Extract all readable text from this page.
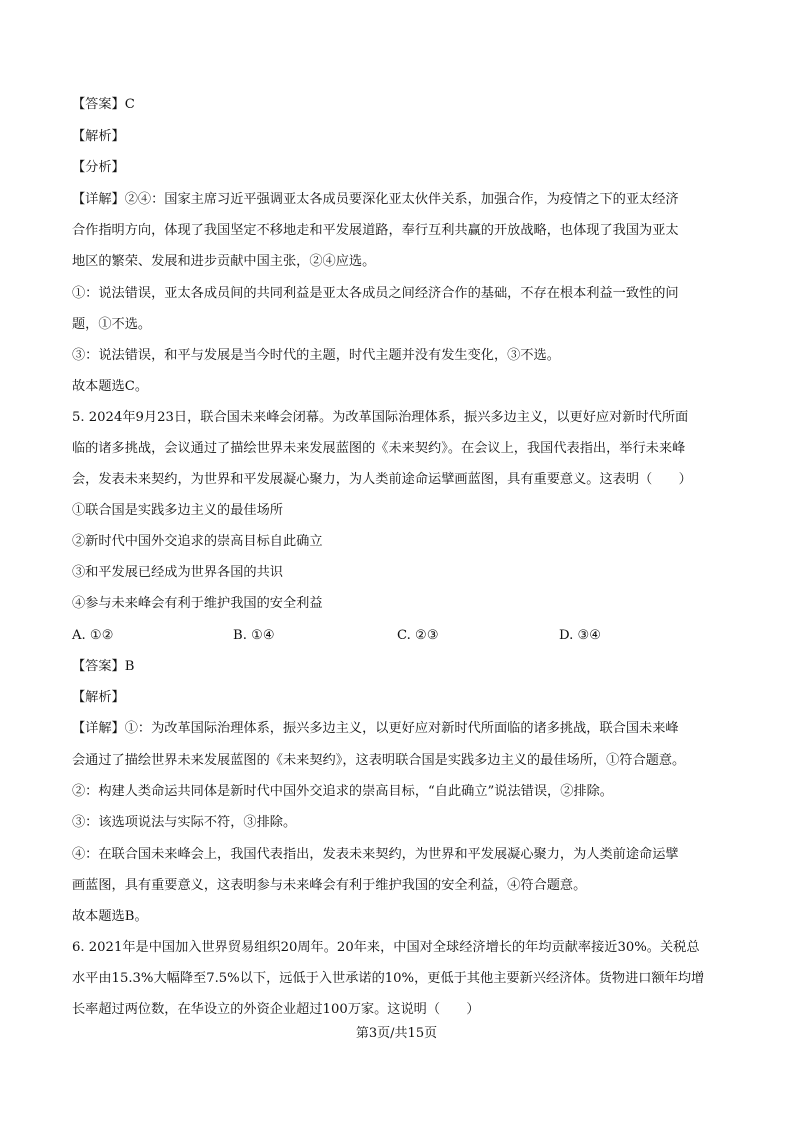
【答案】C
【解析】
【分析】
【详解】②④：国家主席习近平强调亚太各成员要深化亚太伙伴关系，加强合作，为疫情之下的亚太经济
合作指明方向，体现了我国坚定不移地走和平发展道路，奉行互利共赢的开放战略，也体现了我国为亚太
地区的繁荣、发展和进步贡献中国主张，②④应选。
①：说法错误，亚太各成员间的共同利益是亚太各成员之间经济合作的基础，不存在根本利益一致性的问
题，①不选。
③：说法错误，和平与发展是当今时代的主题，时代主题并没有发生变化，③不选。
故本题选C。
5. 2024年9月23日，联合国未来峰会闭幕。为改革国际治理体系，振兴多边主义，以更好应对新时代所面
临的诸多挑战，会议通过了描绘世界未来发展蓝图的《未来契约》。在会议上，我国代表指出，举行未来峰
会，发表未来契约，为世界和平发展凝心聚力，为人类前途命运擘画蓝图，具有重要意义。这表明（　　）
①联合国是实践多边主义的最佳场所
②新时代中国外交追求的崇高目标自此确立
③和平发展已经成为世界各国的共识
④参与未来峰会有利于维护我国的安全利益
A. ①②	B. ①④	C. ②③	D. ③④
【答案】B
【解析】
【详解】①：为改革国际治理体系，振兴多边主义，以更好应对新时代所面临的诸多挑战，联合国未来峰
会通过了描绘世界未来发展蓝图的《未来契约》，这表明联合国是实践多边主义的最佳场所，①符合题意。
②：构建人类命运共同体是新时代中国外交追求的崇高目标，“自此确立”说法错误，②排除。
③：该选项说法与实际不符，③排除。
④：在联合国未来峰会上，我国代表指出，发表未来契约，为世界和平发展凝心聚力，为人类前途命运擘
画蓝图，具有重要意义，这表明参与未来峰会有利于维护我国的安全利益，④符合题意。
故本题选B。
6. 2021年是中国加入世界贸易组织20周年。20年来，中国对全球经济增长的年均贡献率接近30%。关税总
水平由15.3%大幅降至7.5%以下，远低于入世承诺的10%，更低于其他主要新兴经济体。货物进口额年均增
长率超过两位数，在华设立的外资企业超过100万家。这说明（　　）
第3页/共15页
